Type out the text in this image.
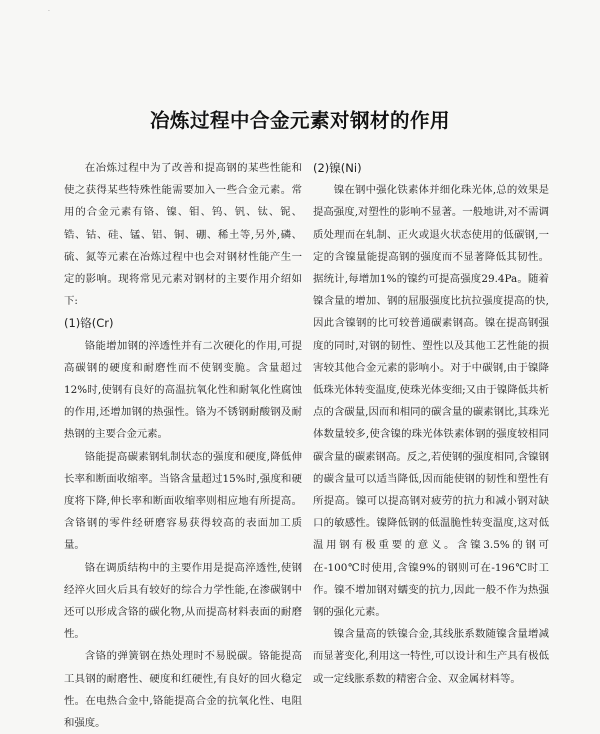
·
冶炼过程中合金元素对钢材的作用

在冶炼过程中为了改善和提高钢的某些性能和使之获得某些特殊性能需要加入一些合金元素。常用的合金元素有铬、镍、钼、钨、钒、钛、铌、锆、钴、硅、锰、铝、铜、硼、稀土等,另外,磷、硫、氮等元素在冶炼过程中也会对钢材性能产生一定的影响。现将常见元素对钢材的主要作用介绍如下:

(1)铬(Cr)

铬能增加钢的淬透性并有二次硬化的作用,可提高碳钢的硬度和耐磨性而不使钢变脆。含量超过12%时,使钢有良好的高温抗氧化性和耐氧化性腐蚀的作用,还增加钢的热强性。铬为不锈钢耐酸钢及耐热钢的主要合金元素。

铬能提高碳素钢轧制状态的强度和硬度,降低伸长率和断面收缩率。当铬含量超过15%时,强度和硬度将下降,伸长率和断面收缩率则相应地有所提高。含铬钢的零件经研磨容易获得较高的表面加工质量。

铬在调质结构中的主要作用是提高淬透性,使钢经淬火回火后具有较好的综合力学性能,在渗碳钢中还可以形成含铬的碳化物,从而提高材料表面的耐磨性。

含铬的弹簧钢在热处理时不易脱碳。铬能提高工具钢的耐磨性、硬度和红硬性,有良好的回火稳定性。在电热合金中,铬能提高合金的抗氧化性、电阻和强度。

(2)镍(Ni)

镍在钢中强化铁素体并细化珠光体,总的效果是提高强度,对塑性的影响不显著。一般地讲,对不需调质处理而在轧制、正火或退火状态使用的低碳钢,一定的含镍量能提高钢的强度而不显著降低其韧性。据统计,每增加1%的镍约可提高强度29.4Pa。随着镍含量的增加、钢的屈服强度比抗拉强度提高的快,因此含镍钢的比可较普通碳素钢高。镍在提高钢强度的同时,对钢的韧性、塑性以及其他工艺性能的损害较其他合金元素的影响小。对于中碳钢,由于镍降低珠光体转变温度,使珠光体变细;又由于镍降低共析点的含碳量,因而和相同的碳含量的碳素钢比,其珠光体数量较多,使含镍的珠光体铁素体钢的强度较相同碳含量的碳素钢高。反之,若使钢的强度相同,含镍钢的碳含量可以适当降低,因而能使钢的韧性和塑性有所提高。镍可以提高钢对疲劳的抗力和减小钢对缺口的敏感性。镍降低钢的低温脆性转变温度,这对低温用钢有极重要的意义。含镍3.5%的钢可在-100℃时使用,含镍9%的钢则可在-196℃时工作。镍不增加钢对蠕变的抗力,因此一般不作为热强钢的强化元素。

镍含量高的铁镍合金,其线胀系数随镍含量增减而显著变化,利用这一特性,可以设计和生产具有极低或一定线胀系数的精密合金、双金属材料等。
